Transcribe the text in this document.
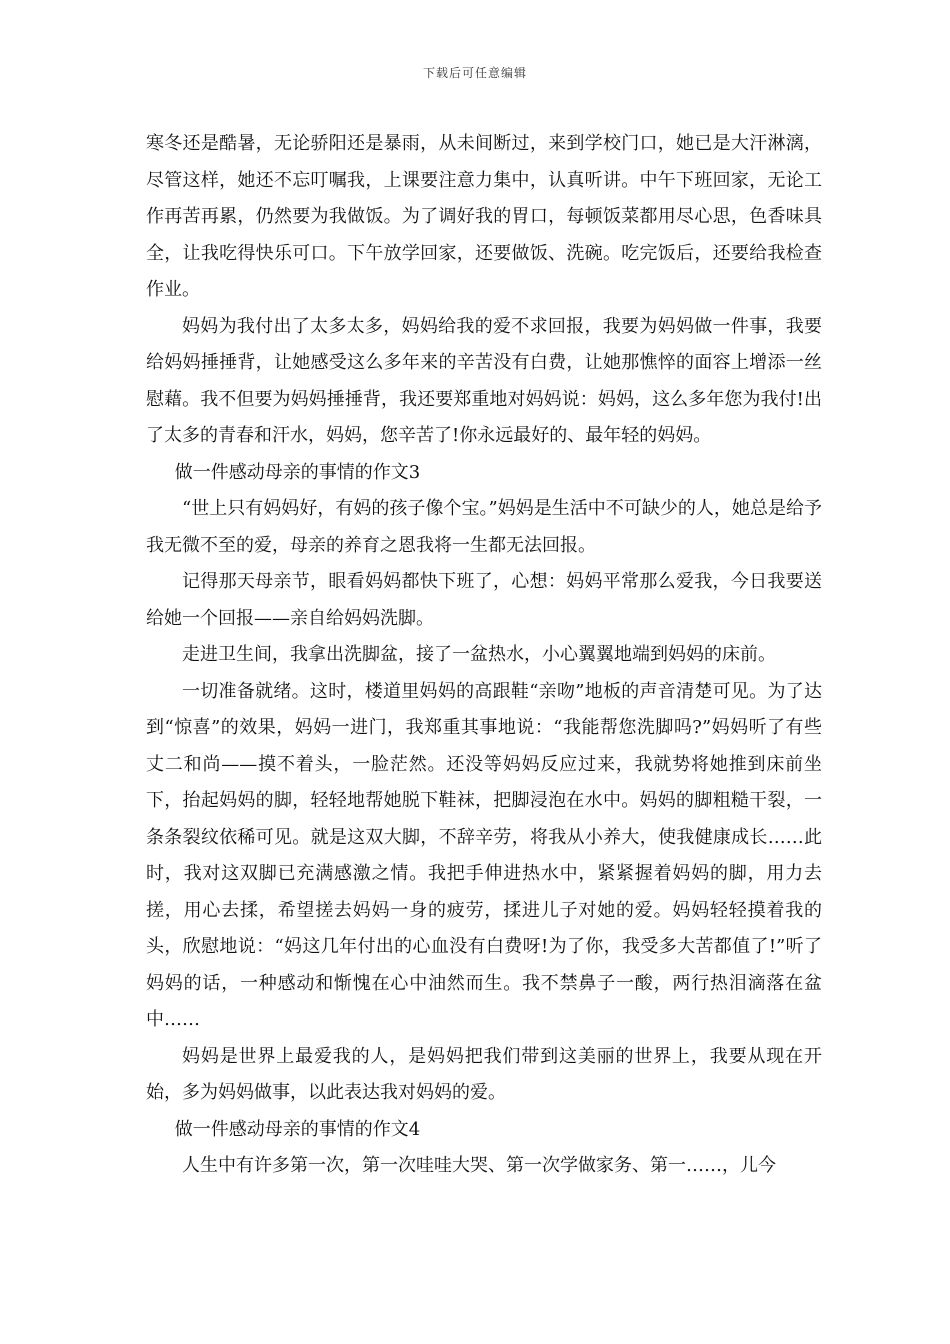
下载后可任意编辑

寒冬还是酷暑，无论骄阳还是暴雨，从未间断过，来到学校门口，她已是大汗淋漓，尽管这样，她还不忘叮嘱我，上课要注意力集中，认真听讲。中午下班回家，无论工作再苦再累，仍然要为我做饭。为了调好我的胃口，每顿饭菜都用尽心思，色香味具全，让我吃得快乐可口。下午放学回家，还要做饭、洗碗。吃完饭后，还要给我检查作业。

妈妈为我付出了太多太多，妈妈给我的爱不求回报，我要为妈妈做一件事，我要给妈妈捶捶背，让她感受这么多年来的辛苦没有白费，让她那憔悴的面容上增添一丝慰藉。我不但要为妈妈捶捶背，我还要郑重地对妈妈说：妈妈，这么多年您为我付!出了太多的青春和汗水，妈妈，您辛苦了!你永远最好的、最年轻的妈妈。

做一件感动母亲的事情的作文3

“世上只有妈妈好，有妈的孩子像个宝。”妈妈是生活中不可缺少的人，她总是给予我无微不至的爱，母亲的养育之恩我将一生都无法回报。

记得那天母亲节，眼看妈妈都快下班了，心想：妈妈平常那么爱我，今日我要送给她一个回报——亲自给妈妈洗脚。

走进卫生间，我拿出洗脚盆，接了一盆热水，小心翼翼地端到妈妈的床前。

一切准备就绪。这时，楼道里妈妈的高跟鞋“亲吻”地板的声音清楚可见。为了达到“惊喜”的效果，妈妈一进门，我郑重其事地说：“我能帮您洗脚吗?”妈妈听了有些丈二和尚——摸不着头，一脸茫然。还没等妈妈反应过来，我就势将她推到床前坐下，抬起妈妈的脚，轻轻地帮她脱下鞋袜，把脚浸泡在水中。妈妈的脚粗糙干裂，一条条裂纹依稀可见。就是这双大脚，不辞辛劳，将我从小养大，使我健康成长……此时，我对这双脚已充满感激之情。我把手伸进热水中，紧紧握着妈妈的脚，用力去搓，用心去揉，希望搓去妈妈一身的疲劳，揉进儿子对她的爱。妈妈轻轻摸着我的头，欣慰地说：“妈这几年付出的心血没有白费呀!为了你，我受多大苦都值了!”听了妈妈的话，一种感动和惭愧在心中油然而生。我不禁鼻子一酸，两行热泪滴落在盆中……

妈妈是世界上最爱我的人，是妈妈把我们带到这美丽的世界上，我要从现在开始，多为妈妈做事，以此表达我对妈妈的爱。

做一件感动母亲的事情的作文4

人生中有许多第一次，第一次哇哇大哭、第一次学做家务、第一……，儿今
